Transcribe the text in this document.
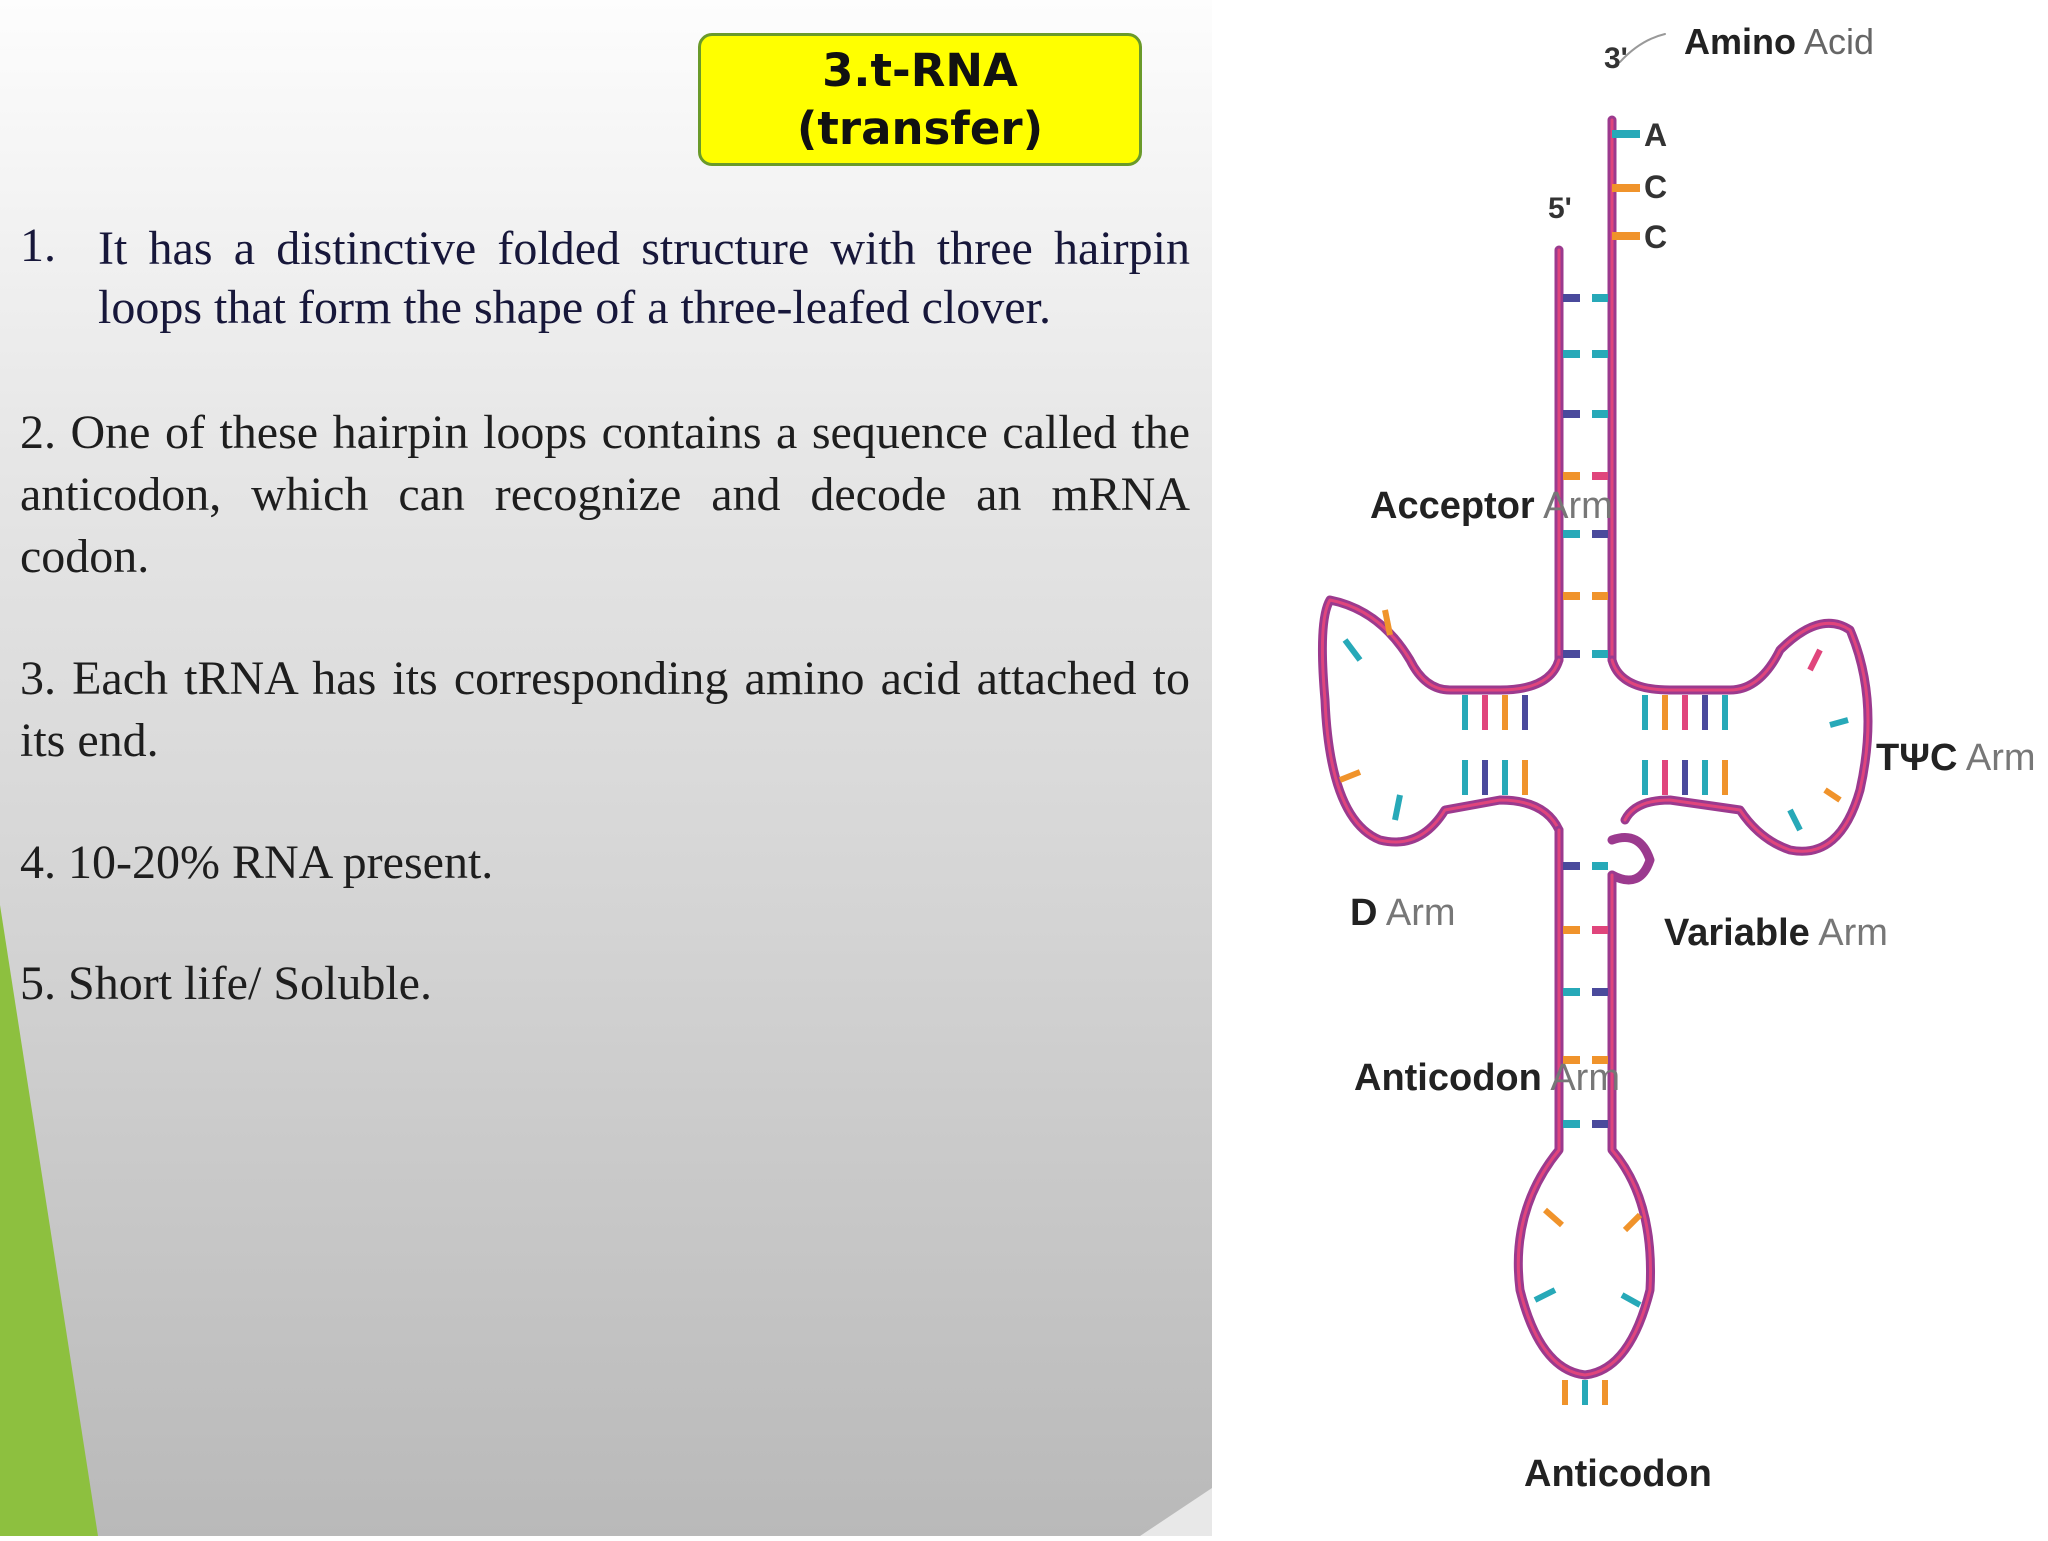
3.t-RNA
(transfer)
1. It has a distinctive folded structure with three hairpin
loops that form the shape of a three-leafed clover.
2. One of these hairpin loops contains a sequence called the anticodon, which can recognize and decode an mRNA codon.
3. Each tRNA has its corresponding amino acid attached to its end.
4. 10-20% RNA present.
5. Short life/ Soluble.
3' Amino Acid
A
C
C
5'
Acceptor Arm
D Arm
TΨC Arm
Variable Arm
Anticodon Arm
Anticodon
